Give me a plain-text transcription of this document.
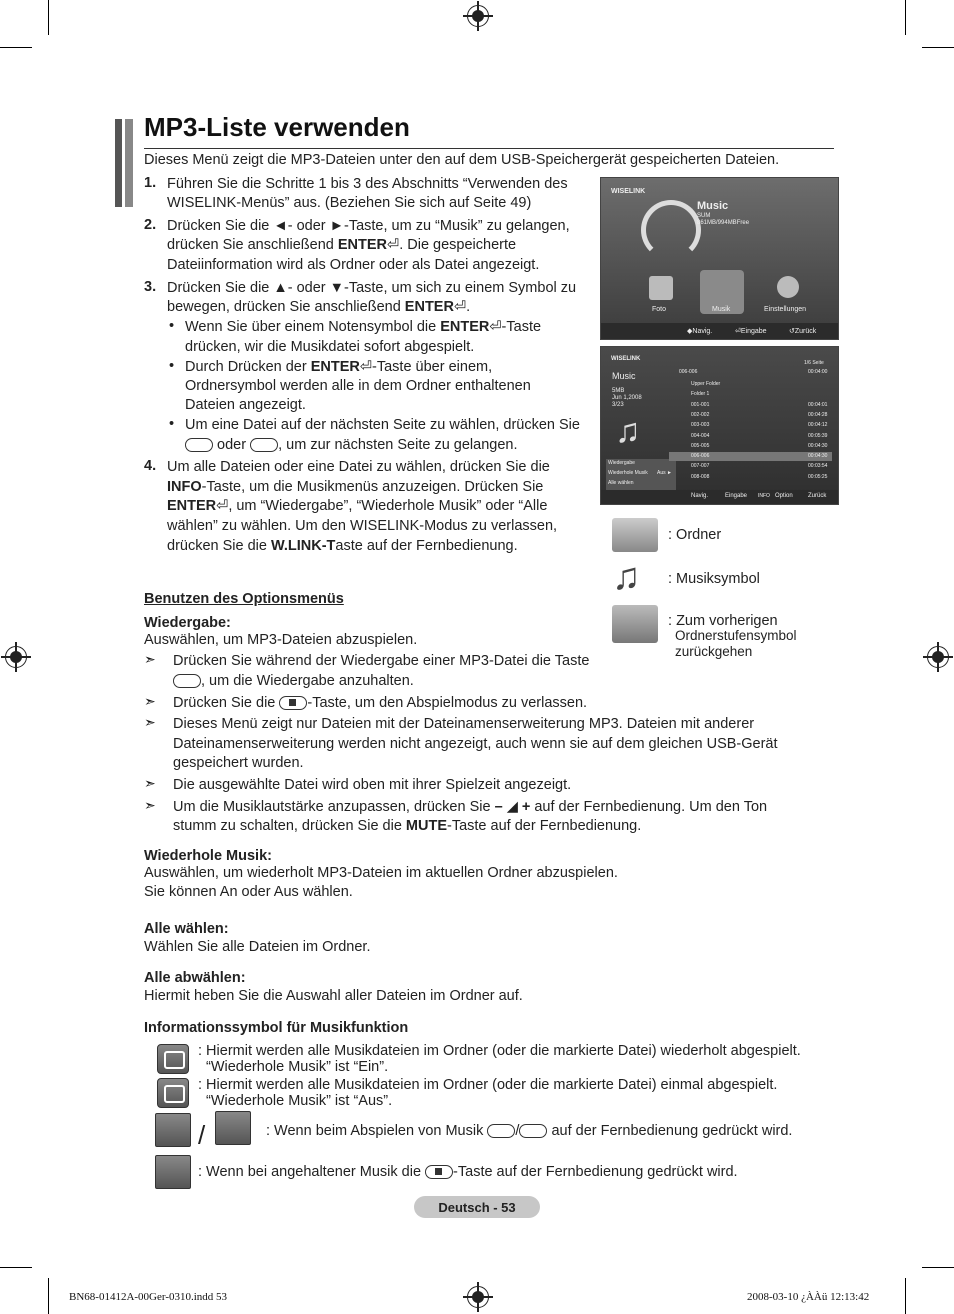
MP3-Liste verwenden
Dieses Menü zeigt die MP3-Dateien unter den auf dem USB-Speichergerät gespeicherten Dateien.
1. Führen Sie die Schritte 1 bis 3 des Abschnitts “Verwenden des
WISELINK-Menüs” aus. (Beziehen Sie sich auf Seite 49)
2. Drücken Sie die ◄- oder ►-Taste, um zu “Musik” zu gelangen,
drücken Sie anschließend ENTER⏎. Die gespeicherte
Dateiinformation wird als Ordner oder als Datei angezeigt.
3. Drücken Sie die ▲- oder ▼-Taste, um sich zu einem Symbol zu
bewegen, drücken Sie anschließend ENTER⏎.
• Wenn Sie über einem Notensymbol die ENTER⏎-Taste
drücken, wir die Musikdatei sofort abgespielt.
• Durch Drücken der ENTER⏎-Taste über einem,
Ordnersymbol werden alle in dem Ordner enthaltenen
Dateien angezeigt.
• Um eine Datei auf der nächsten Seite zu wählen, drücken Sie
oder , um zur nächsten Seite zu gelangen.
4. Um alle Dateien oder eine Datei zu wählen, drücken Sie die
INFO-Taste, um die Musikmenüs anzuzeigen. Drücken Sie
ENTER⏎, um “Wiedergabe”, “Wiederhole Musik” oder “Alle
wählen” zu wählen. Um den WISELINK-Modus zu verlassen,
drücken Sie die W.LINK-Taste auf der Fernbedienung.
WISELINK
Music
SUM
861MB/994MBFree
Foto	Musik	Einstellungen
◆Navig.	⏎Eingabe	↺Zurück
WISELINK
Music
5MB
Jun 1,2008
3/23
♫
Wiedergabe
Wiederhole Musik Aus ►
Alle wählen
006-006
1/6 Seite
00:04:00
Upper Folder
Folder 1
001-001	00:04:01
002-002	00:04:28
003-003	00:04:12
004-004	00:05:39
005-005	00:04:30
006-006	00:04:30
007-007	00:03:54
008-008	00:05:25
Navig.	Eingabe INFO Option	Zurück
: Ordner
♫ : Musiksymbol
: Zum vorherigen
Ordnerstufensymbol
zurückgehen
Benutzen des Optionsmenüs
Wiedergabe:
Auswählen, um MP3-Dateien abzuspielen.
➣ Drücken Sie während der Wiedergabe einer MP3-Datei die Taste
, um die Wiedergabe anzuhalten.
➣ Drücken Sie die
-Taste, um den Abspielmodus zu verlassen.
➣ Dieses Menü zeigt nur Dateien mit der Dateinamenserweiterung MP3. Dateien mit anderer
Dateinamenserweiterung werden nicht angezeigt, auch wenn sie auf dem gleichen USB-Gerät
gespeichert wurden.
➣ Die ausgewählte Datei wird oben mit ihrer Spielzeit angezeigt.
➣ Um die Musiklautstärke anzupassen, drücken Sie – ◢ + auf der Fernbedienung. Um den Ton
stumm zu schalten, drücken Sie die MUTE-Taste auf der Fernbedienung.
Wiederhole Musik:
Auswählen, um wiederholt MP3-Dateien im aktuellen Ordner abzuspielen.
Sie können An oder Aus wählen.
Alle wählen:
Wählen Sie alle Dateien im Ordner.
Alle abwählen:
Hiermit heben Sie die Auswahl aller Dateien im Ordner auf.
Informationssymbol für Musikfunktion
: Hiermit werden alle Musikdateien im Ordner (oder die markierte Datei) wiederholt abgespielt.
“Wiederhole Musik” ist “Ein”.
: Hiermit werden alle Musikdateien im Ordner (oder die markierte Datei) einmal abgespielt.
“Wiederhole Musik” ist “Aus”.
/	: Wenn beim Abspielen von Musik / auf der Fernbedienung gedrückt wird.
: Wenn bei angehaltener Musik die -Taste auf der Fernbedienung gedrückt wird.
Deutsch - 53
BN68-01412A-00Ger-0310.indd 53	2008-03-10 ¿ÀÀü 12:13:42
